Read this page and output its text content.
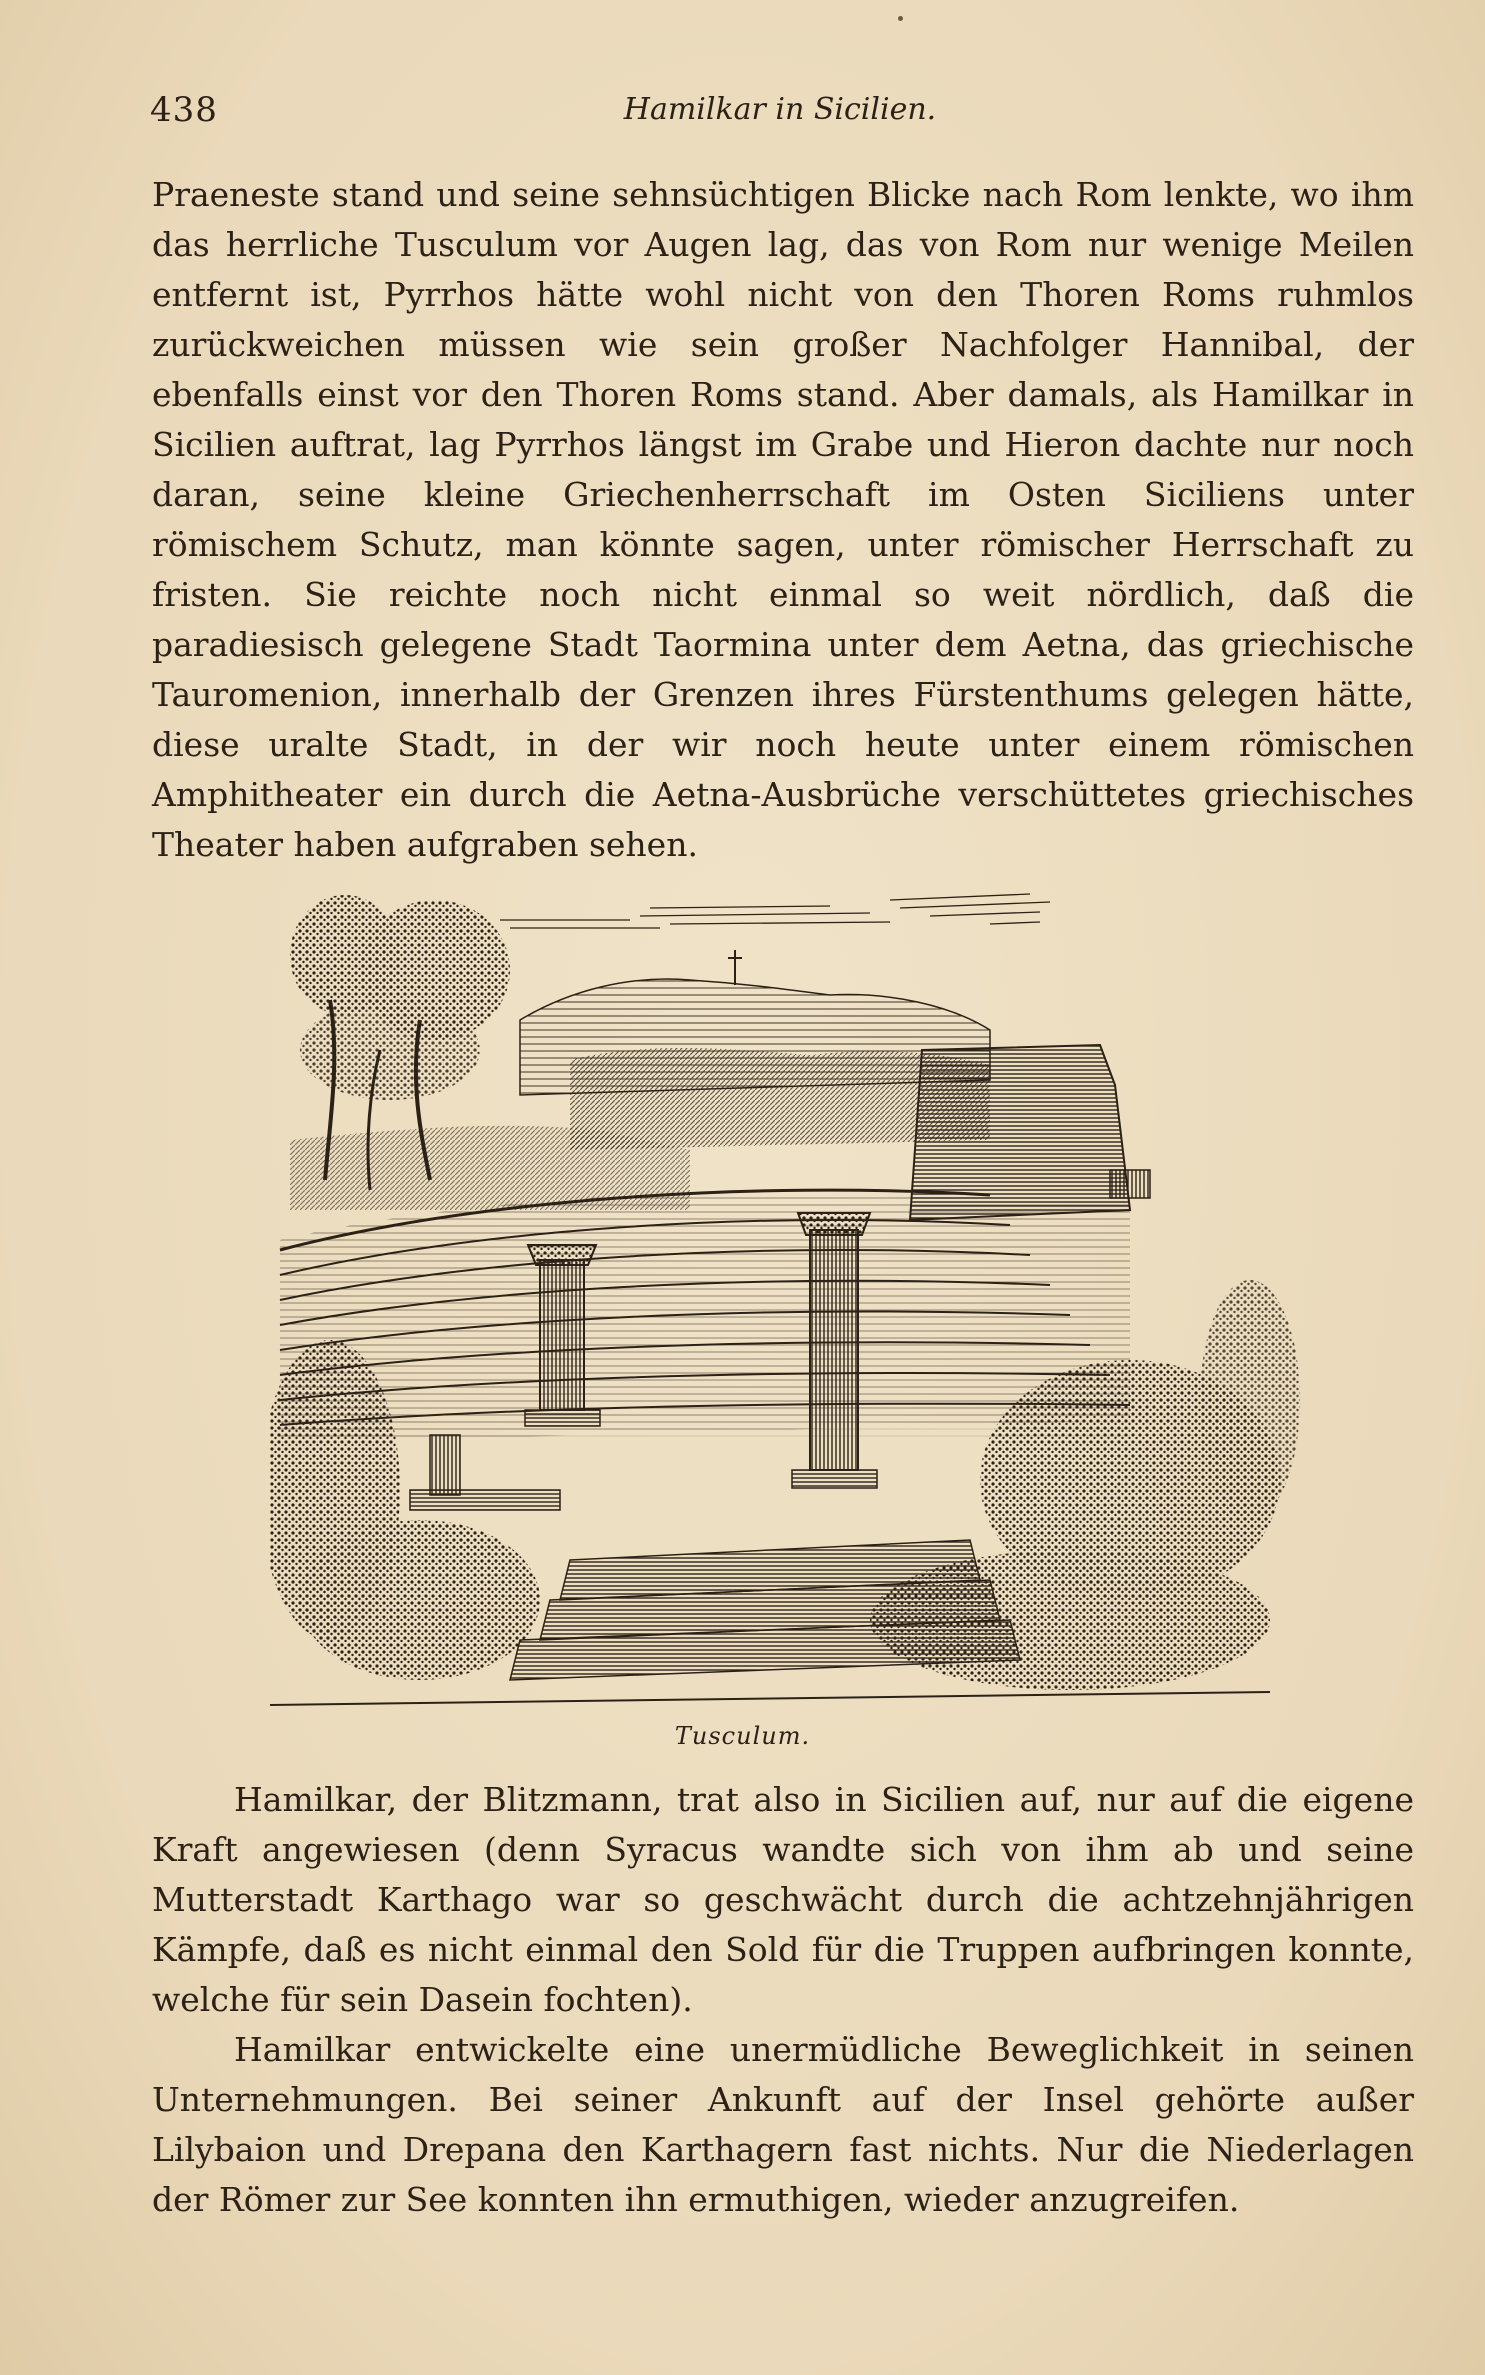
438	Hamilkar in Sicilien.

Praeneste stand und seine sehnsüchtigen Blicke nach Rom lenkte, wo ihm das herrliche Tusculum vor Augen lag, das von Rom nur wenige Meilen entfernt ist, Pyrrhos hätte wohl nicht von den Thoren Roms ruhmlos zurückweichen müssen wie sein großer Nachfolger Hannibal, der ebenfalls einst vor den Thoren Roms stand. Aber damals, als Hamilkar in Sicilien auftrat, lag Pyrrhos längst im Grabe und Hieron dachte nur noch daran, seine kleine Griechenherrschaft im Osten Siciliens unter römischem Schutz, man könnte sagen, unter römischer Herrschaft zu fristen. Sie reichte noch nicht einmal so weit nördlich, daß die paradiesisch gelegene Stadt Taormina unter dem Aetna, das griechische Tauromenion, innerhalb der Grenzen ihres Fürstenthums gelegen hätte, diese uralte Stadt, in der wir noch heute unter einem römischen Amphitheater ein durch die Aetna-Ausbrüche verschüttetes griechisches Theater haben aufgraben sehen.

Tusculum.

Hamilkar, der Blitzmann, trat also in Sicilien auf, nur auf die eigene Kraft angewiesen (denn Syracus wandte sich von ihm ab und seine Mutterstadt Karthago war so geschwächt durch die achtzehnjährigen Kämpfe, daß es nicht einmal den Sold für die Truppen aufbringen konnte, welche für sein Dasein fochten).

Hamilkar entwickelte eine unermüdliche Beweglichkeit in seinen Unternehmungen. Bei seiner Ankunft auf der Insel gehörte außer Lilybaion und Drepana den Karthagern fast nichts. Nur die Niederlagen der Römer zur See konnten ihn ermuthigen, wieder anzugreifen.
